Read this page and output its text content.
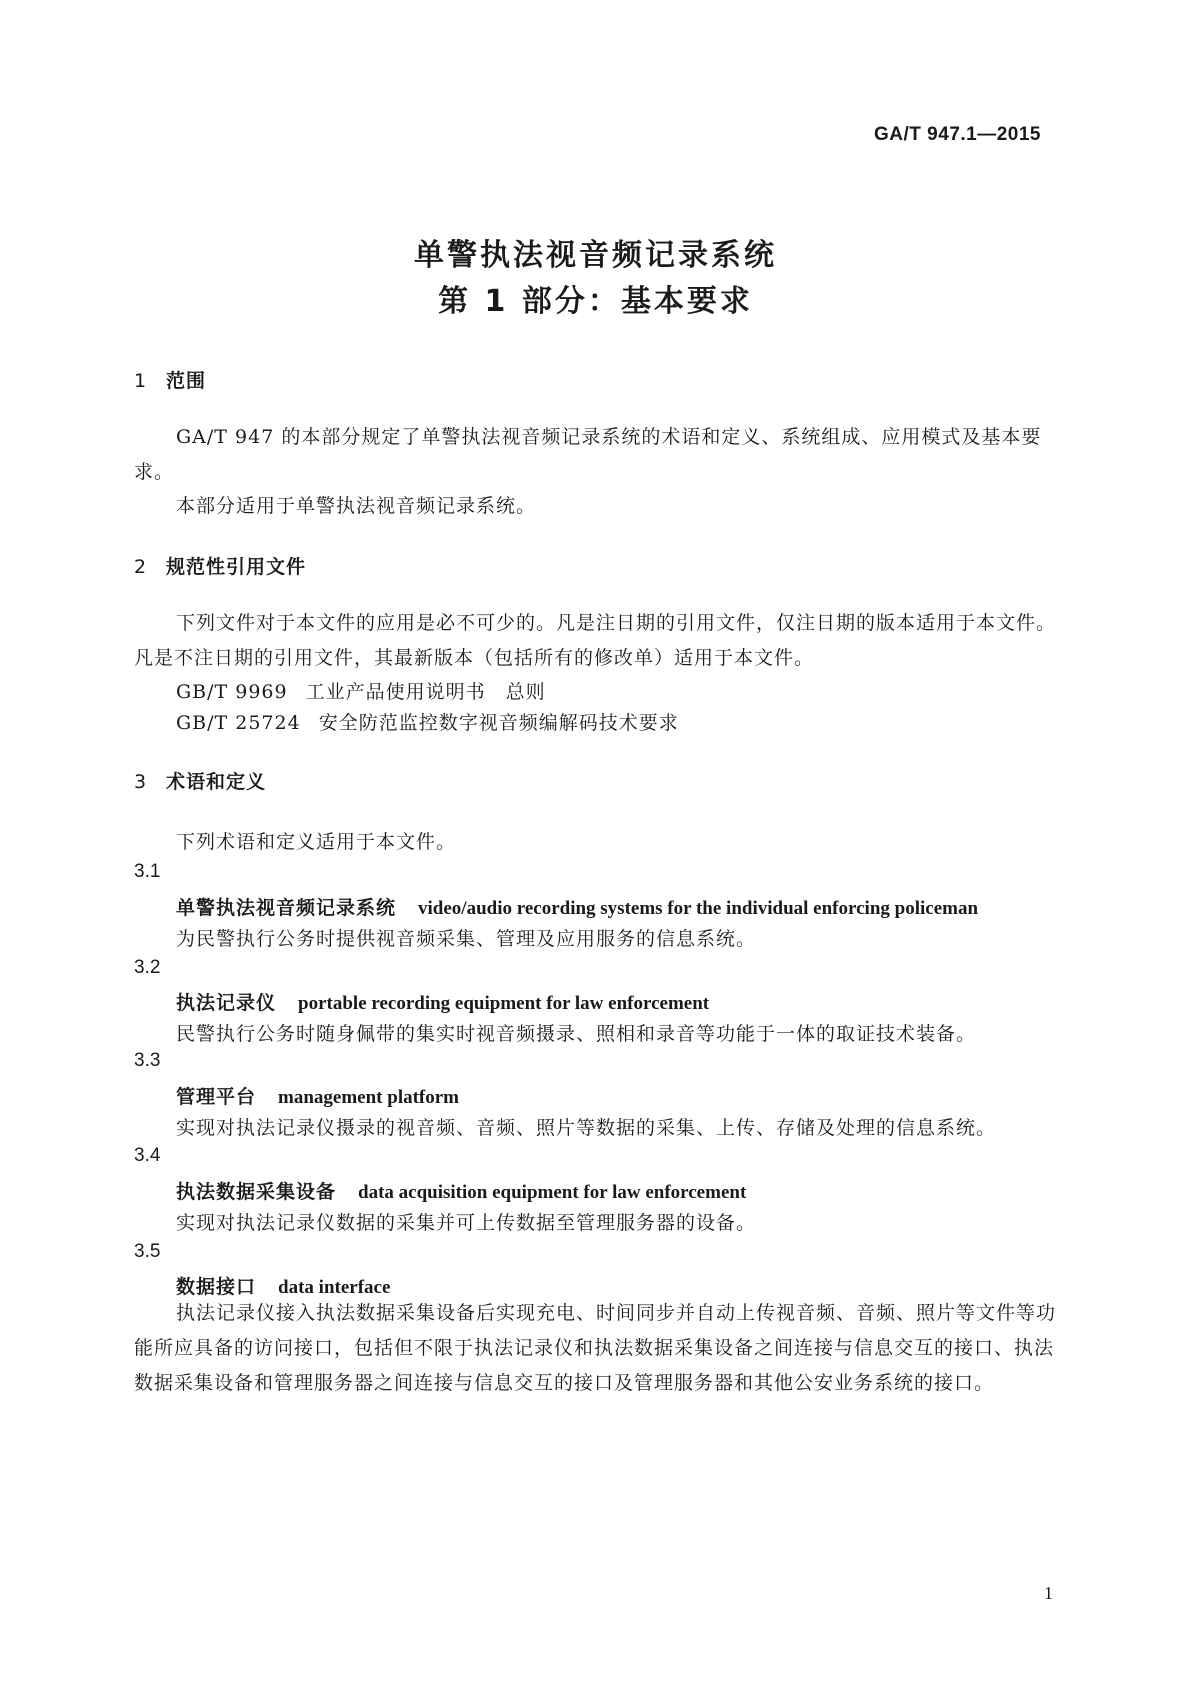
GA/T 947.1—2015
单警执法视音频记录系统
第 1 部分：基本要求
1 范围
GA/T 947 的本部分规定了单警执法视音频记录系统的术语和定义、系统组成、应用模式及基本要求。
本部分适用于单警执法视音频记录系统。
2 规范性引用文件
下列文件对于本文件的应用是必不可少的。凡是注日期的引用文件，仅注日期的版本适用于本文件。凡是不注日期的引用文件，其最新版本（包括所有的修改单）适用于本文件。
GB/T 9969 工业产品使用说明书　总则
GB/T 25724 安全防范监控数字视音频编解码技术要求
3 术语和定义
下列术语和定义适用于本文件。
3.1
单警执法视音频记录系统 video/audio recording systems for the individual enforcing policeman
为民警执行公务时提供视音频采集、管理及应用服务的信息系统。
3.2
执法记录仪 portable recording equipment for law enforcement
民警执行公务时随身佩带的集实时视音频摄录、照相和录音等功能于一体的取证技术装备。
3.3
管理平台 management platform
实现对执法记录仪摄录的视音频、音频、照片等数据的采集、上传、存储及处理的信息系统。
3.4
执法数据采集设备 data acquisition equipment for law enforcement
实现对执法记录仪数据的采集并可上传数据至管理服务器的设备。
3.5
数据接口 data interface
执法记录仪接入执法数据采集设备后实现充电、时间同步并自动上传视音频、音频、照片等文件等功能所应具备的访问接口，包括但不限于执法记录仪和执法数据采集设备之间连接与信息交互的接口、执法数据采集设备和管理服务器之间连接与信息交互的接口及管理服务器和其他公安业务系统的接口。
1
